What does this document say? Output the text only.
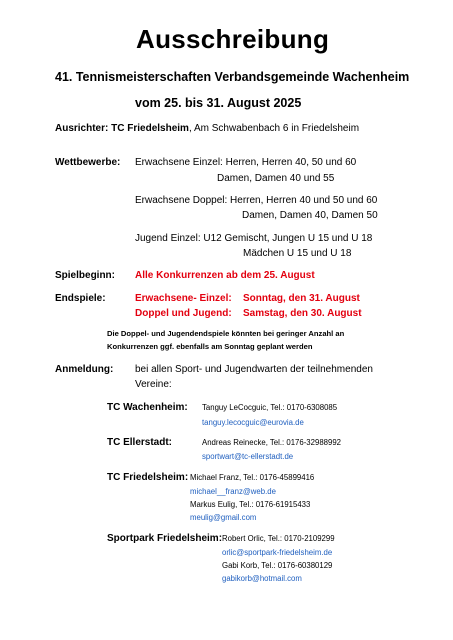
Ausschreibung
41. Tennismeisterschaften Verbandsgemeinde Wachenheim
vom 25. bis 31. August 2025
Ausrichter: TC Friedelsheim, Am Schwabenbach 6 in Friedelsheim
Wettbewerbe: Erwachsene Einzel: Herren, Herren 40, 50 und 60
Damen, Damen 40 und 55
Erwachsene Doppel: Herren, Herren 40 und 50 und 60
Damen, Damen 40, Damen 50
Jugend Einzel: U12 Gemischt, Jungen U 15 und U 18
Mädchen U 15 und U 18
Spielbeginn: Alle Konkurrenzen ab dem 25. August
Endspiele:	Erwachsene- Einzel: Sonntag, den 31. August
Doppel und Jugend: Samstag, den 30. August
Die Doppel- und Jugendendspiele könnten bei geringer Anzahl an
Konkurrenzen ggf. ebenfalls am Sonntag geplant werden
Anmeldung: bei allen Sport- und Jugendwarten der teilnehmenden
Vereine:
TC Wachenheim: Tanguy LeCocguic, Tel.: 0170-6308085
tanguy.lecocguic@eurovia.de
TC Ellerstadt:	Andreas Reinecke, Tel.: 0176-32988992
sportwart@tc-ellerstadt.de
TC Friedelsheim: Michael Franz, Tel.: 0176-45899416
michael__franz@web.de
Markus Eulig, Tel.: 0176-61915433
meulig@gmail.com
Sportpark Friedelsheim: Robert Orlic, Tel.: 0170-2109299
orlic@sportpark-friedelsheim.de
Gabi Korb, Tel.: 0176-60380129
gabikorb@hotmail.com
